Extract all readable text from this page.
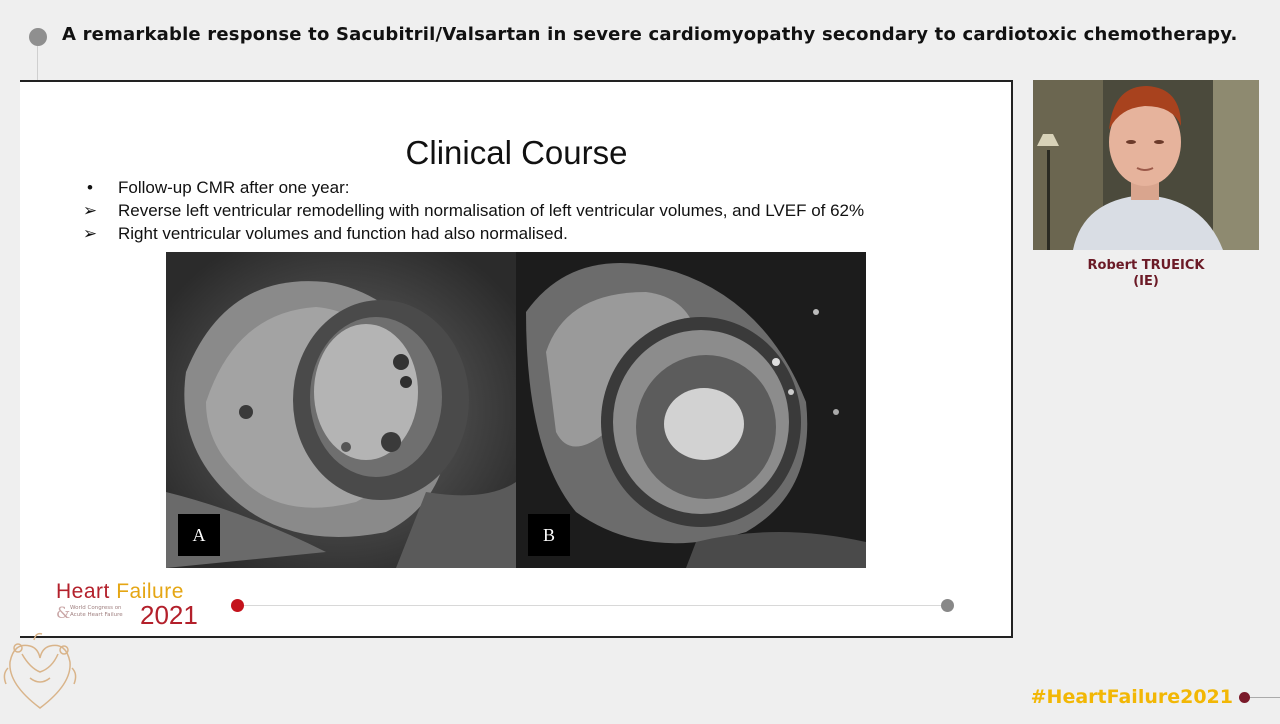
A remarkable response to Sacubitril/Valsartan in severe cardiomyopathy secondary to cardiotoxic chemotherapy.
Clinical Course
•	Follow-up CMR after one year:
➢ Reverse left ventricular remodelling with normalisation of left ventricular volumes, and LVEF of 62%
➢ Right ventricular volumes and function had also normalised.
A	B
Heart Failure
& World Congress on
Acute Heart Failure 2021
Robert TRUEICK
(IE)
#HeartFailure2021
